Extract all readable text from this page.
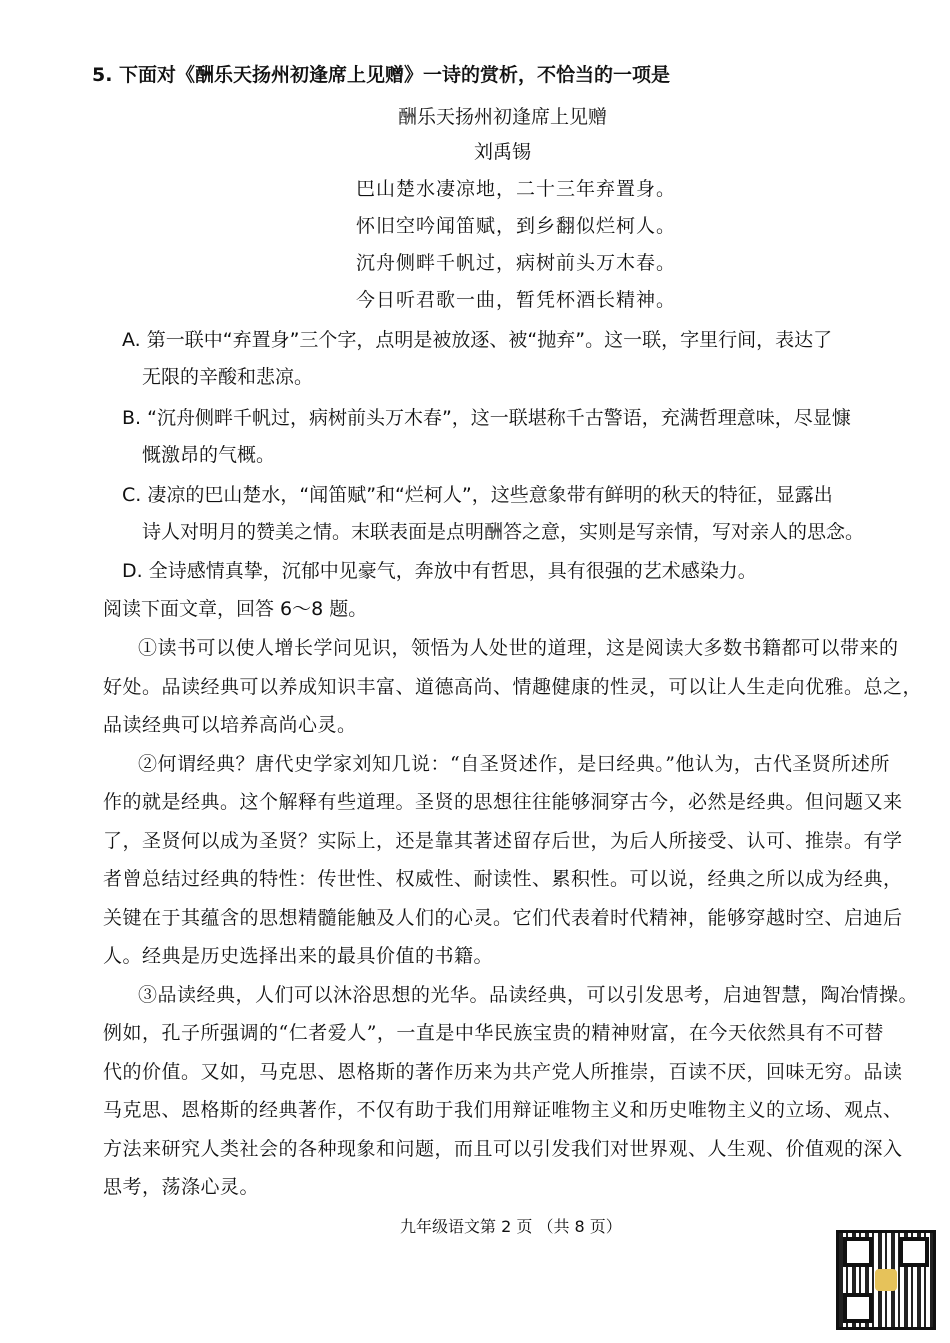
5. 下面对《酬乐天扬州初逢席上见赠》一诗的赏析，不恰当的一项是
酬乐天扬州初逢席上见赠
刘禹锡
巴山楚水凄凉地，二十三年弃置身。
怀旧空吟闻笛赋，到乡翻似烂柯人。
沉舟侧畔千帆过，病树前头万木春。
今日听君歌一曲，暂凭杯酒长精神。
A. 第一联中“弃置身”三个字，点明是被放逐、被“抛弃”。这一联，字里行间，表达了
无限的辛酸和悲凉。
B. “沉舟侧畔千帆过，病树前头万木春”，这一联堪称千古警语，充满哲理意味，尽显慷
慨激昂的气概。
C. 凄凉的巴山楚水，“闻笛赋”和“烂柯人”，这些意象带有鲜明的秋天的特征，显露出
诗人对明月的赞美之情。末联表面是点明酬答之意，实则是写亲情，写对亲人的思念。
D. 全诗感情真挚，沉郁中见豪气，奔放中有哲思，具有很强的艺术感染力。
阅读下面文章，回答 6～8 题。
①读书可以使人增长学问见识，领悟为人处世的道理，这是阅读大多数书籍都可以带来的
好处。品读经典可以养成知识丰富、道德高尚、情趣健康的性灵，可以让人生走向优雅。总之，
品读经典可以培养高尚心灵。
②何谓经典？唐代史学家刘知几说：“自圣贤述作，是曰经典。”他认为，古代圣贤所述所
作的就是经典。这个解释有些道理。圣贤的思想往往能够洞穿古今，必然是经典。但问题又来
了，圣贤何以成为圣贤？实际上，还是靠其著述留存后世，为后人所接受、认可、推崇。有学
者曾总结过经典的特性：传世性、权威性、耐读性、累积性。可以说，经典之所以成为经典，
关键在于其蕴含的思想精髓能触及人们的心灵。它们代表着时代精神，能够穿越时空、启迪后
人。经典是历史选择出来的最具价值的书籍。
③品读经典，人们可以沐浴思想的光华。品读经典，可以引发思考，启迪智慧，陶冶情操。
例如，孔子所强调的“仁者爱人”，一直是中华民族宝贵的精神财富，在今天依然具有不可替
代的价值。又如，马克思、恩格斯的著作历来为共产党人所推崇，百读不厌，回味无穷。品读
马克思、恩格斯的经典著作，不仅有助于我们用辩证唯物主义和历史唯物主义的立场、观点、
方法来研究人类社会的各种现象和问题，而且可以引发我们对世界观、人生观、价值观的深入
思考，荡涤心灵。
九年级语文第 2 页 （共 8 页）
